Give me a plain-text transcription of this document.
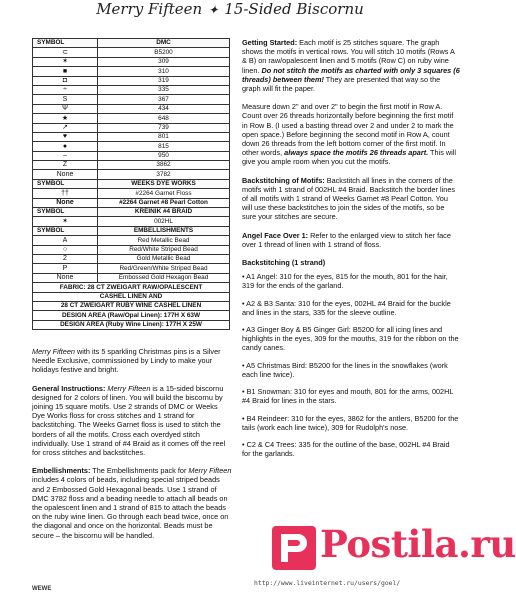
Merry Fifteen ✦ 15-Sided Biscornu
SYMBOL	DMC
⊂	B5200
✶	309
■	310
◘	319
÷	335
S	367
Ψ	434
★	648
↗	739
♥	801
●	815
⌢	950
Z	3862
None	3782
SYMBOL	WEEKS DYE WORKS
††	#2264 Garnet Floss
None	#2264 Garnet #8 Pearl Cotton
SYMBOL	KREINIK #4 BRAID
✶	002HL
SYMBOL	EMBELLISHMENTS
A	Red Metallic Bead
○	Red/White Striped Bead
2	Gold Metallic Bead
P	Red/Green/White Striped Bead
None	Embossed Gold Hexagon Bead
FABRIC: 28 CT ZWEIGART RAW/OPALESCENT	
CASHEL LINEN AND	
28 CT ZWEIGART RUBY WINE CASHEL LINEN	
DESIGN AREA (Raw/Opal Linen): 177H X 63W	
DESIGN AREA (Ruby Wine Linen): 177H X 25W	

Merry Fifteen with its 5 sparkling Christmas pins is a Silver Needle Exclusive, commissioned by Lindy to make your holidays festive and bright.

General Instructions: Merry Fifteen is a 15-sided biscornu designed for 2 colors of linen. You will build the biscornu by joining 15 square motifs. Use 2 strands of DMC or Weeks Dye Works floss for cross stitches and 1 strand for backstitching. The Weeks Garnet floss is used to stitch the borders of all the motifs. Cross each overdyed stitch individually. Use 1 strand of #4 Braid as it comes off the reel for cross stitches and backstitches.

Embellishments: The Embellishments pack for Merry Fifteen includes 4 colors of beads, including special striped beads and 2 Embossed Gold Hexagonal beads. Use 1 strand of DMC 3782 floss and a beading needle to attach all beads on the opalescent linen and 1 strand of 815 to attach the beads on the ruby wine linen. Go through each bead twice, once on the diagonal and once on the horizontal. Beads must be secure – the biscornu will be handled.

Getting Started: Each motif is 25 stitches square. The graph shows the motifs in vertical rows. You will stitch 10 motifs (Rows A & B) on raw/opalescent linen and 5 motifs (Row C) on ruby wine linen. Do not stitch the motifs as charted with only 3 squares (6 threads) between them! They are presented that way so the graph will fit the paper.

Measure down 2" and over 2" to begin the first motif in Row A. Count over 26 threads horizontally before beginning the first motif in Row B. (I used a basting thread over 2 and under 2 to mark the open space.) Before beginning the second motif in Row A, count down 26 threads from the left bottom corner of the first motif. In other words, always space the motifs 26 threads apart. This will give you ample room when you cut the motifs.

Backstitching of Motifs: Backstitch all lines in the corners of the motifs with 1 strand of 002HL #4 Braid. Backstitch the border lines of all motifs with 1 strand of Weeks Garnet #8 Pearl Cotton. You will use these backstitches to join the sides of the motifs, so be sure your stitches are secure.

Angel Face Over 1: Refer to the enlarged view to stitch her face over 1 thread of linen with 1 strand of floss.

Backstitching (1 strand)

• A1 Angel: 310 for the eyes, 815 for the mouth, 801 for the hair, 319 for the ends of the garland.

• A2 & B3 Santa: 310 for the eyes, 002HL #4 Braid for the buckle and lines in the stars, 335 for the sleeve outline.

• A3 Ginger Boy & B5 Ginger Girl: B5200 for all icing lines and highlights in the eyes, 309 for the mouths, 319 for the ribbon on the candy canes.

• A5 Christmas Bird: B5200 for the lines in the snowflakes (work each line twice).

• B1 Snowman: 310 for eyes and mouth, 801 for the arms, 002HL #4 Braid for lines in the stars.

• B4 Reindeer: 310 for the eyes, 3862 for the antlers, B5200 for the tails (work each line twice), 309 for Rudolph's nose.

• C2 & C4 Trees: 335 for the outline of the base, 002HL #4 Braid for the garlands.

Postila.ru
http://www.liveinternet.ru/users/goel/
WEWE
